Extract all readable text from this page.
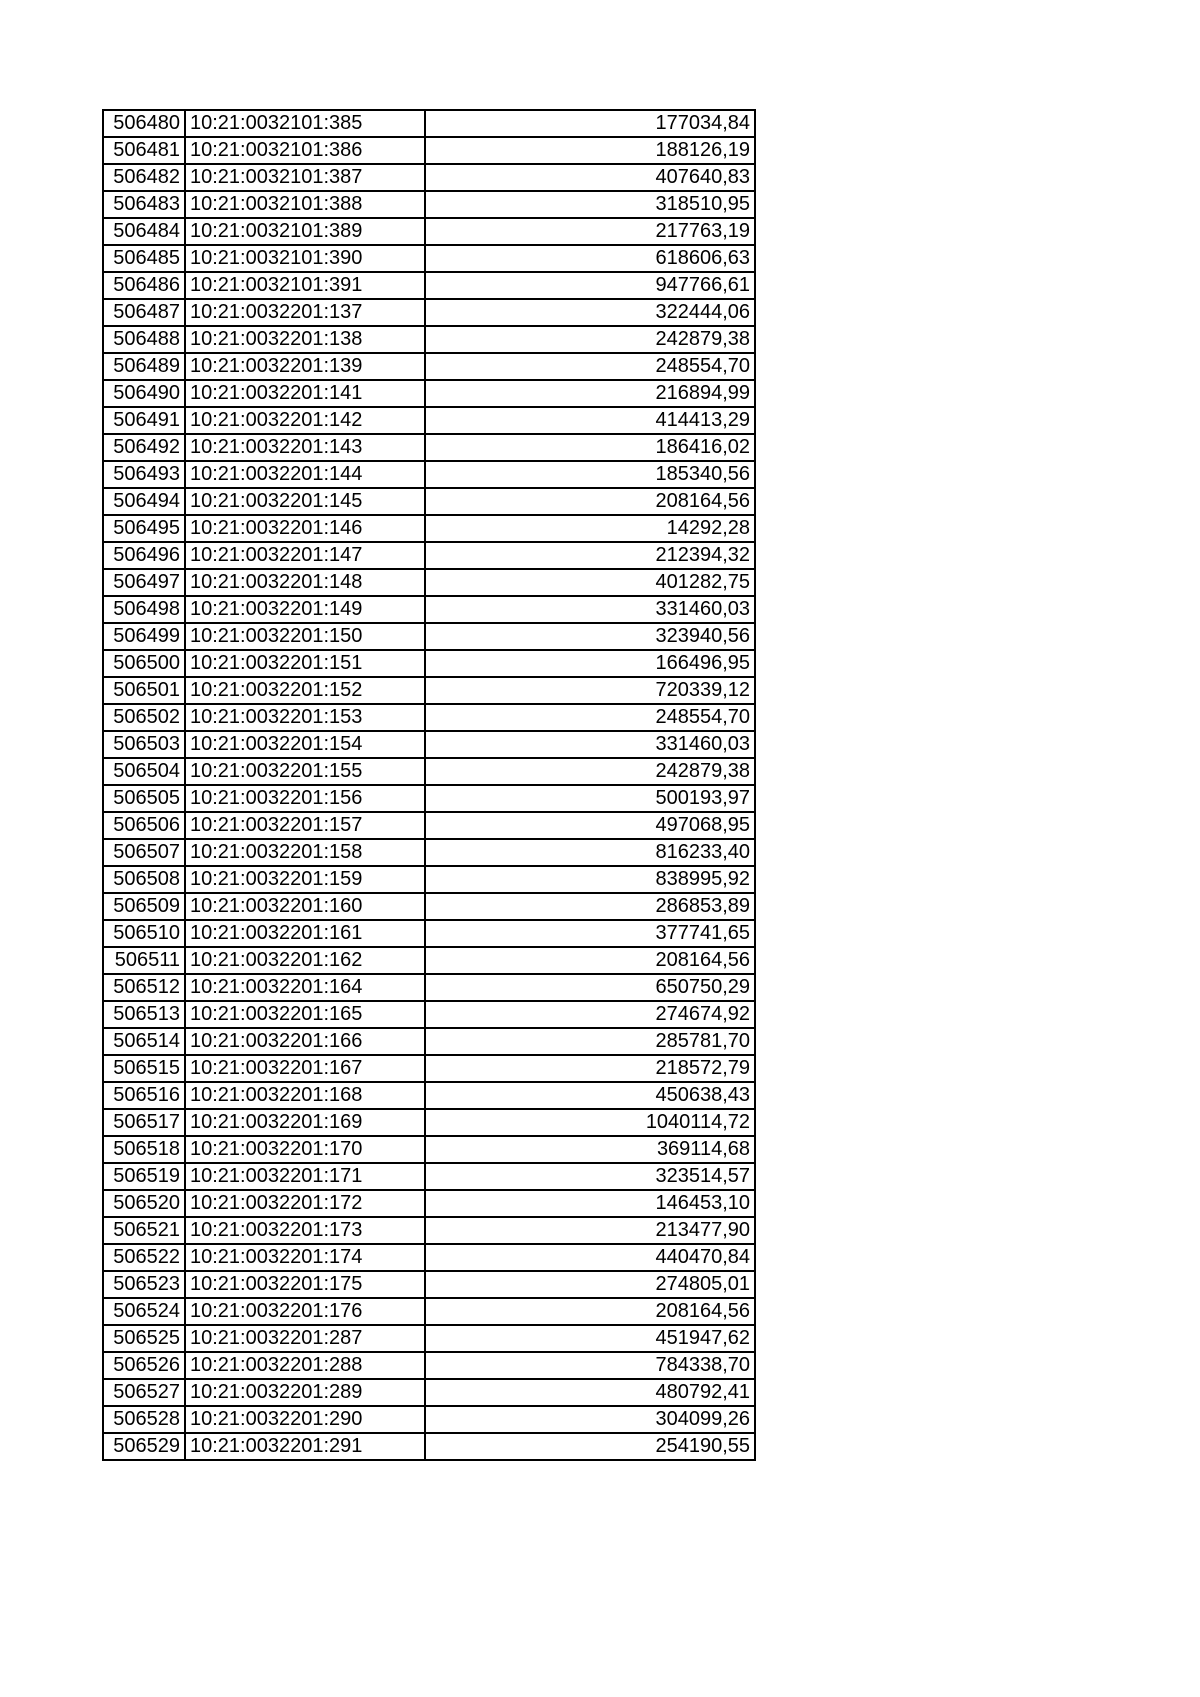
506480	10:21:0032101:385	177034,84
506481	10:21:0032101:386	188126,19
506482	10:21:0032101:387	407640,83
506483	10:21:0032101:388	318510,95
506484	10:21:0032101:389	217763,19
506485	10:21:0032101:390	618606,63
506486	10:21:0032101:391	947766,61
506487	10:21:0032201:137	322444,06
506488	10:21:0032201:138	242879,38
506489	10:21:0032201:139	248554,70
506490	10:21:0032201:141	216894,99
506491	10:21:0032201:142	414413,29
506492	10:21:0032201:143	186416,02
506493	10:21:0032201:144	185340,56
506494	10:21:0032201:145	208164,56
506495	10:21:0032201:146	14292,28
506496	10:21:0032201:147	212394,32
506497	10:21:0032201:148	401282,75
506498	10:21:0032201:149	331460,03
506499	10:21:0032201:150	323940,56
506500	10:21:0032201:151	166496,95
506501	10:21:0032201:152	720339,12
506502	10:21:0032201:153	248554,70
506503	10:21:0032201:154	331460,03
506504	10:21:0032201:155	242879,38
506505	10:21:0032201:156	500193,97
506506	10:21:0032201:157	497068,95
506507	10:21:0032201:158	816233,40
506508	10:21:0032201:159	838995,92
506509	10:21:0032201:160	286853,89
506510	10:21:0032201:161	377741,65
506511	10:21:0032201:162	208164,56
506512	10:21:0032201:164	650750,29
506513	10:21:0032201:165	274674,92
506514	10:21:0032201:166	285781,70
506515	10:21:0032201:167	218572,79
506516	10:21:0032201:168	450638,43
506517	10:21:0032201:169	1040114,72
506518	10:21:0032201:170	369114,68
506519	10:21:0032201:171	323514,57
506520	10:21:0032201:172	146453,10
506521	10:21:0032201:173	213477,90
506522	10:21:0032201:174	440470,84
506523	10:21:0032201:175	274805,01
506524	10:21:0032201:176	208164,56
506525	10:21:0032201:287	451947,62
506526	10:21:0032201:288	784338,70
506527	10:21:0032201:289	480792,41
506528	10:21:0032201:290	304099,26
506529	10:21:0032201:291	254190,55
